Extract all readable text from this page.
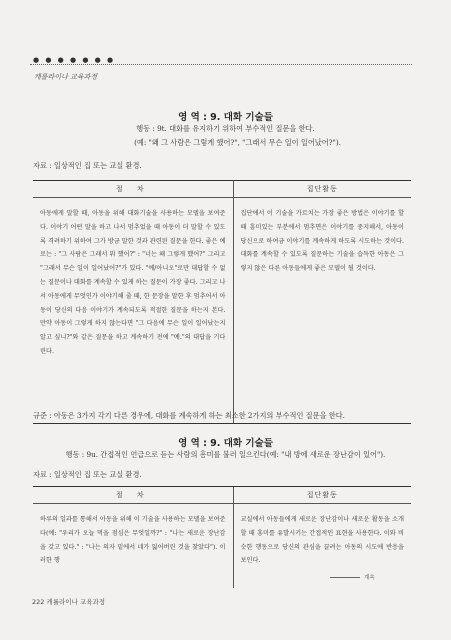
● ● ● ● ● ● ●
캐롤라이나 교육과정
영 역 : 9. 대화 기술들
행동 : 9t. 대화를 유지하기 위하여 부수적인 질문을 한다.
(예: "왜 그 사람은 그렇게 했어?", "그래서 무슨 일이 일어났어?").
자료 : 일상적인 집 또는 교실 환경.
절 차	집단활동

아동에게 말할 때, 아동을 위해 대화기술을 사용하는 모델을 보여준다. 이야기 어떤 말을 하고 나서 멈추었을 때 아동이 더 말할 수 있도록 격려하기 위하여 그가 방금 말한 것과 관련된 질문을 한다. 좋은 예로는 : "그 사람은 그래서 뭐 했어?" : "너는 왜 그렇게 했어?" 그리고 "그래서 무슨 일이 일어났어?"가 있다. "예/아니오"로만 대답할 수 없는 질문이나 대화를 계속할 수 있게 하는 질문이 가장 좋다. 그리고 나서 아동에게 무엇인가 이야기해 줄 때, 한 문장을 말한 후 멈추어서 아동이 당신의 다음 이야기가 계속되도록 적절한 질문을 하는지 본다. 만약 아동이 그렇게 하지 않는다면 "그 다음에 무슨 일이 일어났는지 알고 싶니?"와 같은 질문을 하고 계속하기 전에 "예."의 대답을 기다린다.	집단에서 이 기술을 가르치는 가장 좋은 방법은 이야기를 할 때 흥미있는 부분에서 멈추면은 이야기를 중지해서, 아동이 당신으로 하여금 이야기를 계속하게 하도록 시도하는 것이다. 대화를 계속할 수 있도록 질문하는 기술을 습득한 아동은 그렇지 않은 다른 아동들에게 좋은 모델이 될 것이다.

규준 : 아동은 3가지 각기 다른 경우에, 대화를 계속하게 하는 최소한 2가지의 부수적인 질문을 한다.
영 역 : 9. 대화 기술들
행동 : 9u. 간접적인 언급으로 듣는 사람의 흥미를 불러 일으킨다(예: "내 방에 새로운 장난감이 있어").
자료 : 일상적인 집 또는 교실 환경.
절 차	집단활동

하루의 일과를 통해서 아동을 위해 이 기술을 사용하는 모델을 보여준다(예: "우리가 오늘 먹을 점심은 무엇일까?" : "나는 새로운 장난감을 갖고 있다." : "나는 의자 밑에서 네가 잃어버린 것을 찾았다"). 이러한 행	교실에서 아동들에게 새로운 장난감이나 새로운 활동을 소개할 때 흥미를 유발시키는 간접적인 표현을 사용한다. 이와 비슷한 행동으로 당신의 관심을 끌려는 아동의 시도에 반응을 보인다.

계속
222 캐롤라이나 교육과정
